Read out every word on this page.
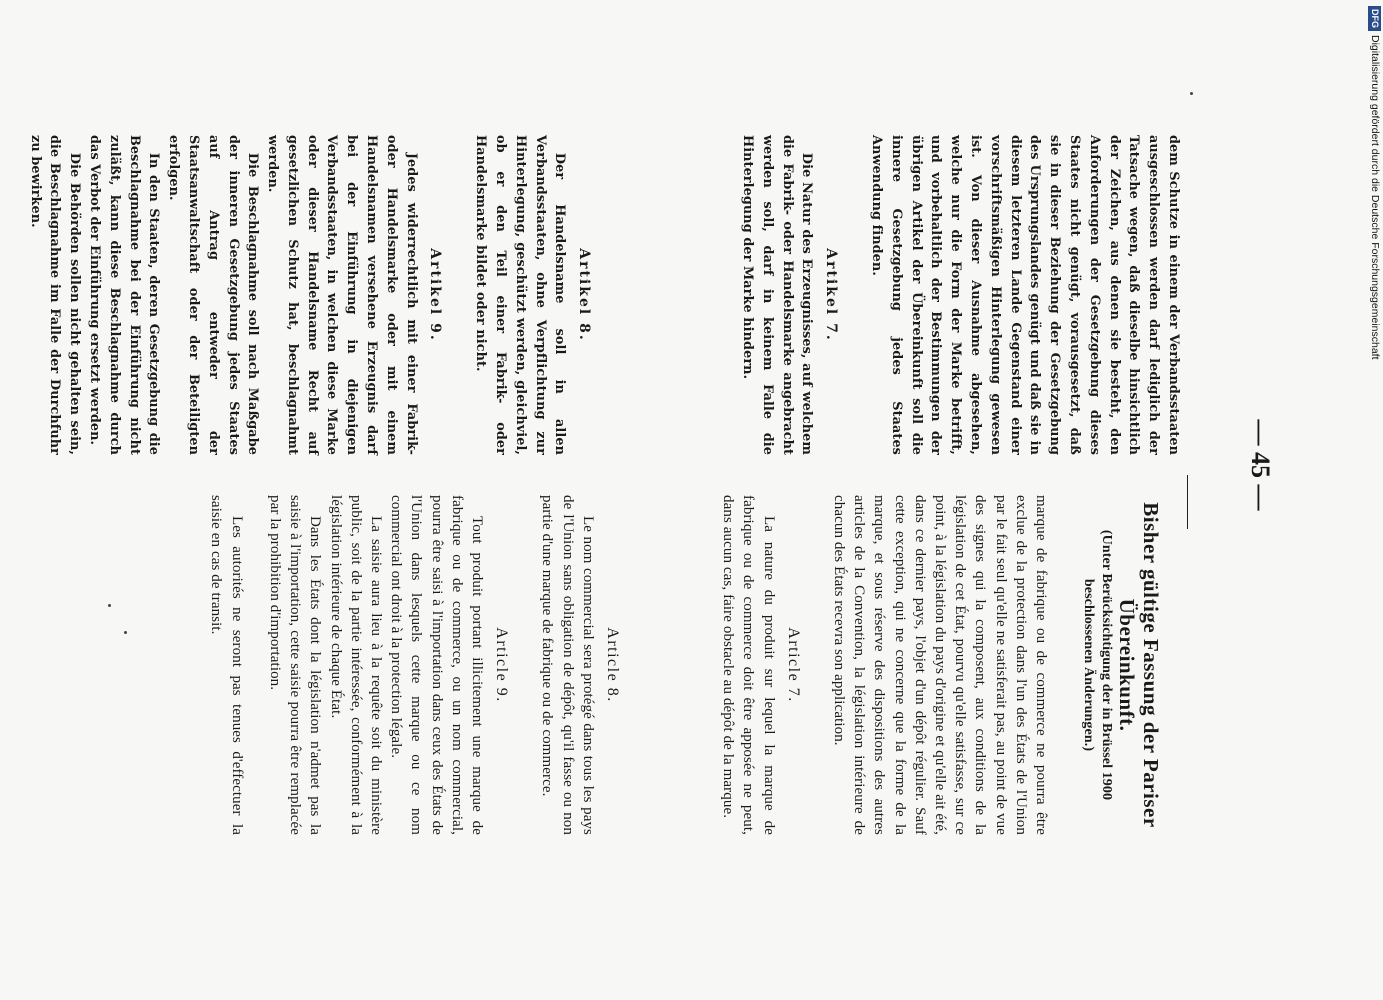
— 45 —

dem Schutze in einem der Verbandsstaaten ausgeschlossen werden darf lediglich der Tatsache wegen, daß dieselbe hinsichtlich der Zeichen, aus denen sie besteht, den Anforderungen der Gesetzgebung dieses Staates nicht genügt, vorausgesetzt, daß sie in dieser Beziehung der Gesetzgebung des Ursprungslandes genügt und daß sie in diesem letzteren Lande Gegenstand einer vorschriftsmäßigen Hinterlegung gewesen ist. Von dieser Ausnahme abgesehen, welche nur die Form der Marke betrifft, und vorbehaltlich der Bestimmungen der übrigen Artikel der Übereinkunft soll die innere Gesetzgebung jedes Staates Anwendung finden.

Artikel 7.

Die Natur des Erzeugnisses, auf welchem die Fabrik- oder Handelsmarke angebracht werden soll, darf in keinem Falle die Hinterlegung der Marke hindern.

Artikel 8.

Der Handelsname soll in allen Verbandsstaaten, ohne Verpflichtung zur Hinterlegung, geschützt werden, gleichviel, ob er den Teil einer Fabrik- oder Handelsmarke bildet oder nicht.

Artikel 9.

Jedes widerrechtlich mit einer Fabrik- oder Handelsmarke oder mit einem Handelsnamen versehene Erzeugnis darf bei der Einführung in diejenigen Verbandsstaaten, in welchen diese Marke oder dieser Handelsname Recht auf gesetzlichen Schutz hat, beschlagnahmt werden.

Die Beschlagnahme soll nach Maßgabe der inneren Gesetzgebung jedes Staates auf Antrag entweder der Staatsanwaltschaft oder der Beteiligten erfolgen.

In den Staaten, deren Gesetzgebung die Beschlagnahme bei der Einführung nicht zuläßt, kann diese Beschlagnahme durch das Verbot der Einführung ersetzt werden.

Die Behörden sollen nicht gehalten sein, die Beschlagnahme im Falle der Durchfuhr zu bewirken.

Bisher gültige Fassung der Pariser Übereinkunft.
(Unter Berücksichtigung der in Brüssel 1900 beschlossenen Änderungen.)

marque de fabrique ou de commerce ne pourra être exclue de la protection dans l'un des États de l'Union par le fait seul qu'elle ne satisferait pas, au point de vue des signes qui la composent, aux conditions de la législation de cet État, pourvu qu'elle satisfasse, sur ce point, à la législation du pays d'origine et qu'elle ait été, dans ce dernier pays, l'objet d'un dépôt régulier. Sauf cette exception, qui ne concerne que la forme de la marque, et sous réserve des dispositions des autres articles de la Convention, la législation intérieure de chacun des États recevra son application.

Article 7.

La nature du produit sur lequel la marque de fabrique ou de commerce doit être apposée ne peut, dans aucun cas, faire obstacle au dépôt de la marque.

Article 8.

Le nom commercial sera protégé dans tous les pays de l'Union sans obligation de dépôt, qu'il fasse ou non partie d'une marque de fabrique ou de commerce.

Article 9.

Tout produit portant illicitement une marque de fabrique ou de commerce, ou un nom commercial, pourra être saisi à l'importation dans ceux des États de l'Union dans lesquels cette marque ou ce nom commercial ont droit à la protection légale.

La saisie aura lieu à la requête soit du ministère public, soit de la partie intéressée, conformément à la législation intérieure de chaque État.

Dans les États dont la législation n'admet pas la saisie à l'importation, cette saisie pourra être remplacée par la prohibition d'importation.

Les autorités ne seront pas tenues d'effectuer la saisie en cas de transit.

DFG
Digitalisierung gefördert durch die Deutsche Forschungsgemeinschaft
